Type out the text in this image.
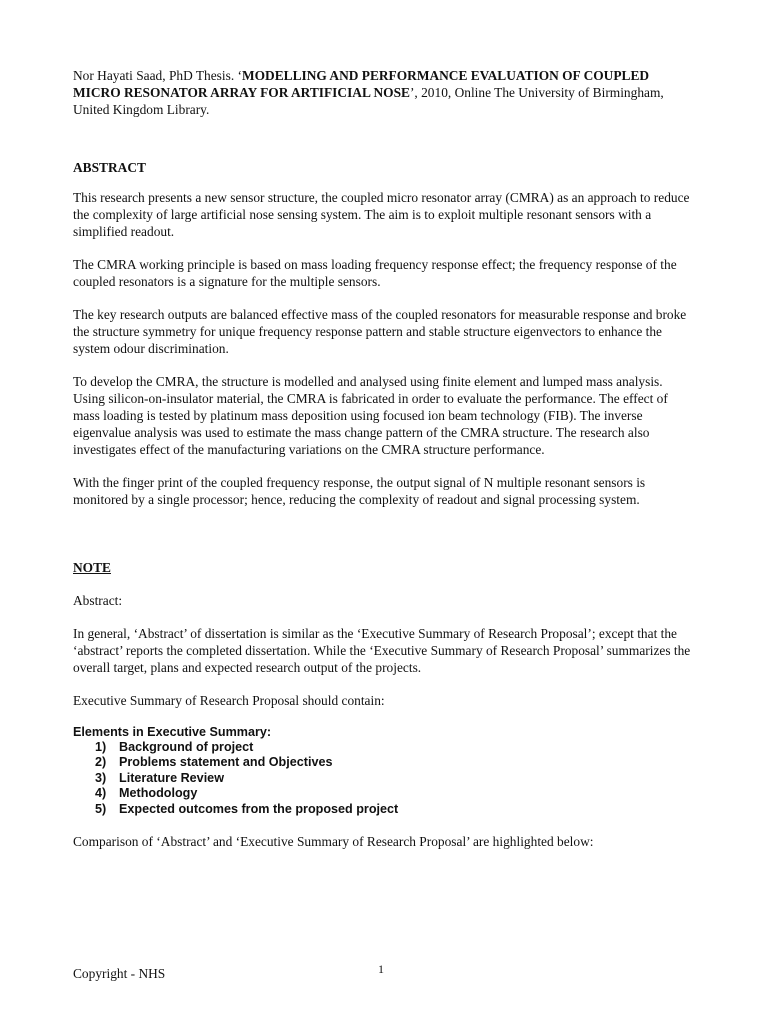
Nor Hayati Saad, PhD Thesis. ‘MODELLING AND PERFORMANCE EVALUATION OF COUPLED MICRO RESONATOR ARRAY FOR ARTIFICIAL NOSE’, 2010, Online The University of Birmingham, United Kingdom Library.

ABSTRACT

This research presents a new sensor structure, the coupled micro resonator array (CMRA) as an approach to reduce the complexity of large artificial nose sensing system. The aim is to exploit multiple resonant sensors with a simplified readout.

The CMRA working principle is based on mass loading frequency response effect; the frequency response of the coupled resonators is a signature for the multiple sensors.

The key research outputs are balanced effective mass of the coupled resonators for measurable response and broke the structure symmetry for unique frequency response pattern and stable structure eigenvectors to enhance the system odour discrimination.

To develop the CMRA, the structure is modelled and analysed using finite element and lumped mass analysis. Using silicon-on-insulator material, the CMRA is fabricated in order to evaluate the performance. The effect of mass loading is tested by platinum mass deposition using focused ion beam technology (FIB). The inverse eigenvalue analysis was used to estimate the mass change pattern of the CMRA structure. The research also investigates effect of the manufacturing variations on the CMRA structure performance.

With the finger print of the coupled frequency response, the output signal of N multiple resonant sensors is monitored by a single processor; hence, reducing the complexity of readout and signal processing system.

NOTE

Abstract:

In general, ‘Abstract’ of dissertation is similar as the ‘Executive Summary of Research Proposal’; except that the ‘abstract’ reports the completed dissertation. While the ‘Executive Summary of Research Proposal’ summarizes the overall target, plans and expected research output of the projects.

Executive Summary of Research Proposal should contain:

Elements in Executive Summary:

1)	Background of project
2)	Problems statement and Objectives
3)	Literature Review
4)	Methodology
5)	Expected outcomes from the proposed project

Comparison of ‘Abstract’ and ‘Executive Summary of Research Proposal’ are highlighted below:

Copyright - NHS	1
